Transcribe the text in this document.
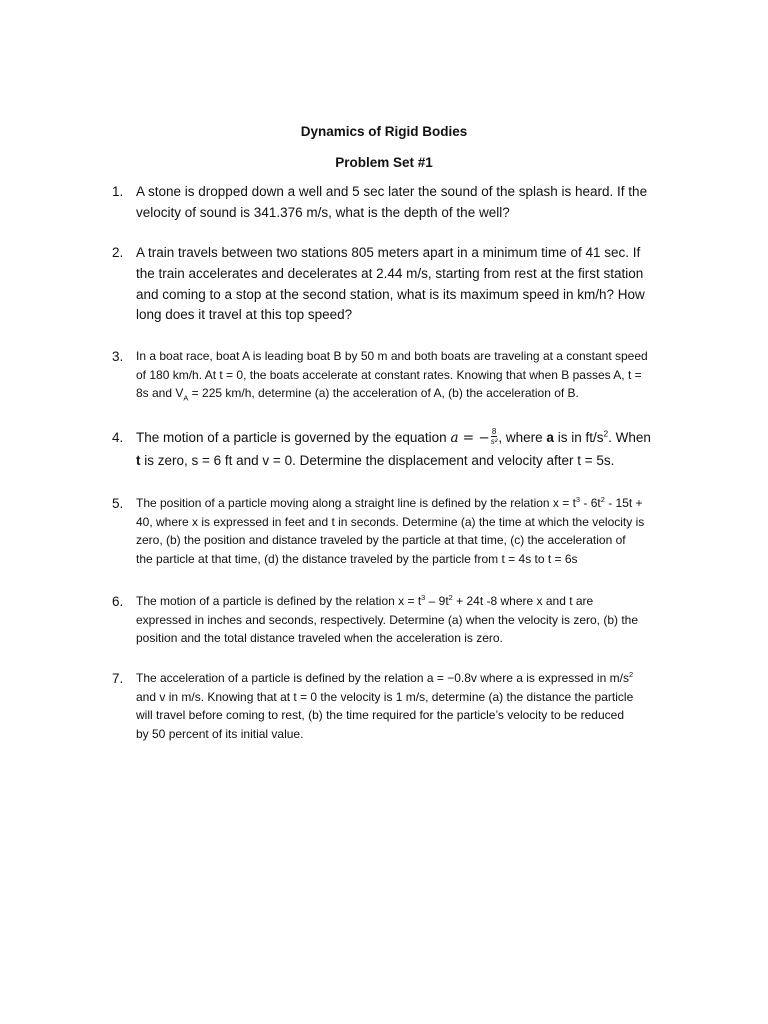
Dynamics of Rigid Bodies
Problem Set #1
1. A stone is dropped down a well and 5 sec later the sound of the splash is heard. If the
velocity of sound is 341.376 m/s, what is the depth of the well?
2. A train travels between two stations 805 meters apart in a minimum time of 41 sec. If
the train accelerates and decelerates at 2.44 m/s, starting from rest at the first station
and coming to a stop at the second station, what is its maximum speed in km/h? How
long does it travel at this top speed?
3.	In a boat race, boat A is leading boat B by 50 m and both boats are traveling at a constant speed
of 180 km/h. At t = 0, the boats accelerate at constant rates. Knowing that when B passes A, t =
8s and $V_A = 225$ km/h, determine (a) the acceleration of A, (b) the acceleration of B.
4. The motion of a particle is governed by the equation a = − $\frac{8}{\text{s²}}$ , where a is in $ft/s^2$. When
t is zero, s = 6 ft and v = 0. Determine the displacement and velocity after t = 5s.
5.	The position of a particle moving along a straight line is defined by the relation $x = t^3 - 6t^2 - 15t$ +
40, where x is expressed in feet and t in seconds. Determine (a) the time at which the velocity is
zero, (b) the position and distance traveled by the particle at that time, (c) the acceleration of
the particle at that time, (d) the distance traveled by the particle from t = 4s to t = 6s
6.	The motion of a particle is defined by the relation $x = t^3 - 9t^2 + 24t$ -8 where x and t are
expressed in inches and seconds, respectively. Determine (a) when the velocity is zero, (b) the
position and the total distance traveled when the acceleration is zero.
7.	The acceleration of a particle is defined by the relation a = −0.8v where a is expressed in $m/s^2$
and v in m/s. Knowing that at t = 0 the velocity is 1 m/s, determine (a) the distance the particle
will travel before coming to rest, (b) the time required for the particle’s velocity to be reduced
by 50 percent of its initial value.
